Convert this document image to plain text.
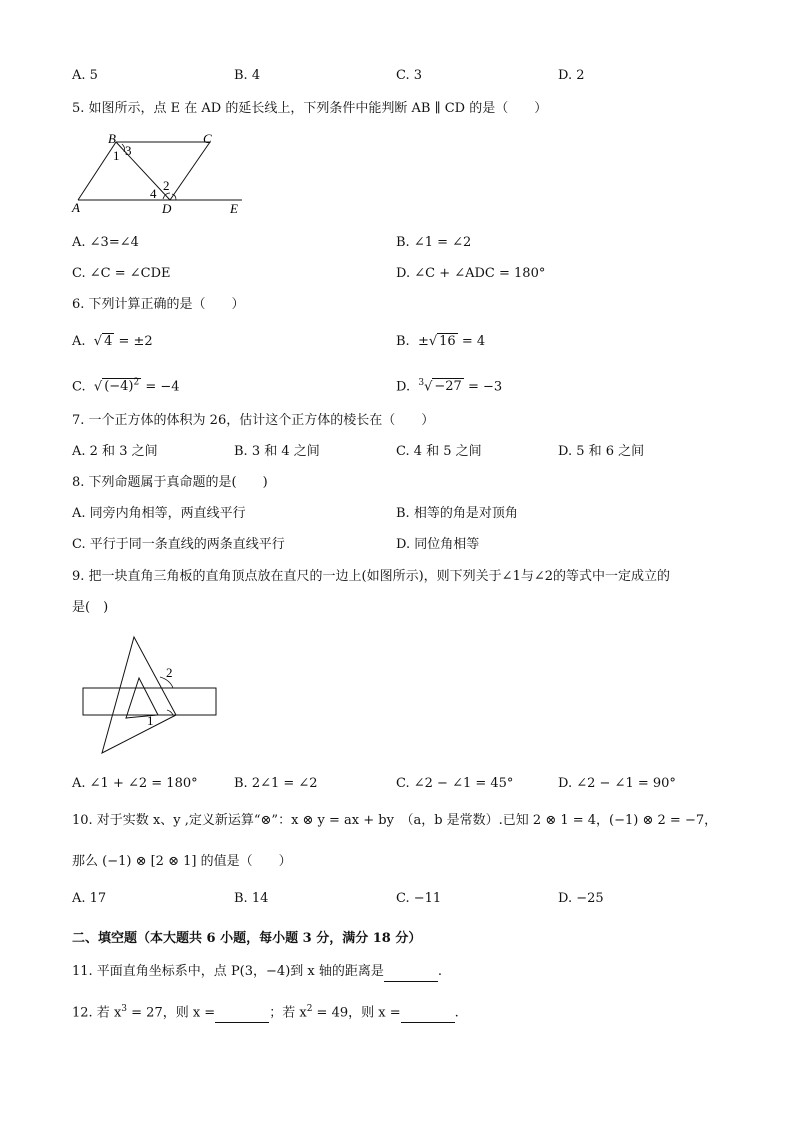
A. 5	B. 4	C. 3	D. 2
5. 如图所示，点 E 在 AD 的延长线上，下列条件中能判断 AB ∥ CD 的是（　　）
B	C
A	D	E
1 3
4
2
A. ∠3=∠4	B. ∠1 = ∠2
C. ∠C = ∠CDE	D. ∠C + ∠ADC = 180°
6. 下列计算正确的是（　　）
A.  √ 4 = ±2	B. ±√ 16 = 4
C.  √ $(-4)^2 = -4$	D. $^3$√ −27 = −3
7. 一个正方体的体积为 26，估计这个正方体的棱长在（　　）
A. 2 和 3 之间	B. 3 和 4 之间	C. 4 和 5 之间	D. 5 和 6 之间
8. 下列命题属于真命题的是(　　)
A. 同旁内角相等，两直线平行	B. 相等的角是对顶角
C. 平行于同一条直线的两条直线平行	D. 同位角相等
9. 把一块直角三角板的直角顶点放在直尺的一边上(如图所示)，则下列关于∠1与∠2的等式中一定成立的
是(　)
2
1
A. ∠1 + ∠2 = 180°	B. 2∠1 = ∠2	C. ∠2 − ∠1 = 45°	D. ∠2 − ∠1 = 90°
10. 对于实数 x、y ,定义新运算“⊗”：x ⊗ y = ax + by　（a，b 是常数）.已知 2 ⊗ 1 = 4，(−1) ⊗ 2 = −7，
那么 (−1) ⊗ [2 ⊗ 1] 的值是（　　）
A. 17	B. 14	C. −11	D. −25
二、填空题（本大题共 6 小题，每小题 3 分，满分 18 分）
11. 平面直角坐标系中，点 P(3，−4)到 x 轴的距离是	.
12. 若 $x^3 = 27$，则 x =	；若 $x^2 = 49$，则 x =	.
